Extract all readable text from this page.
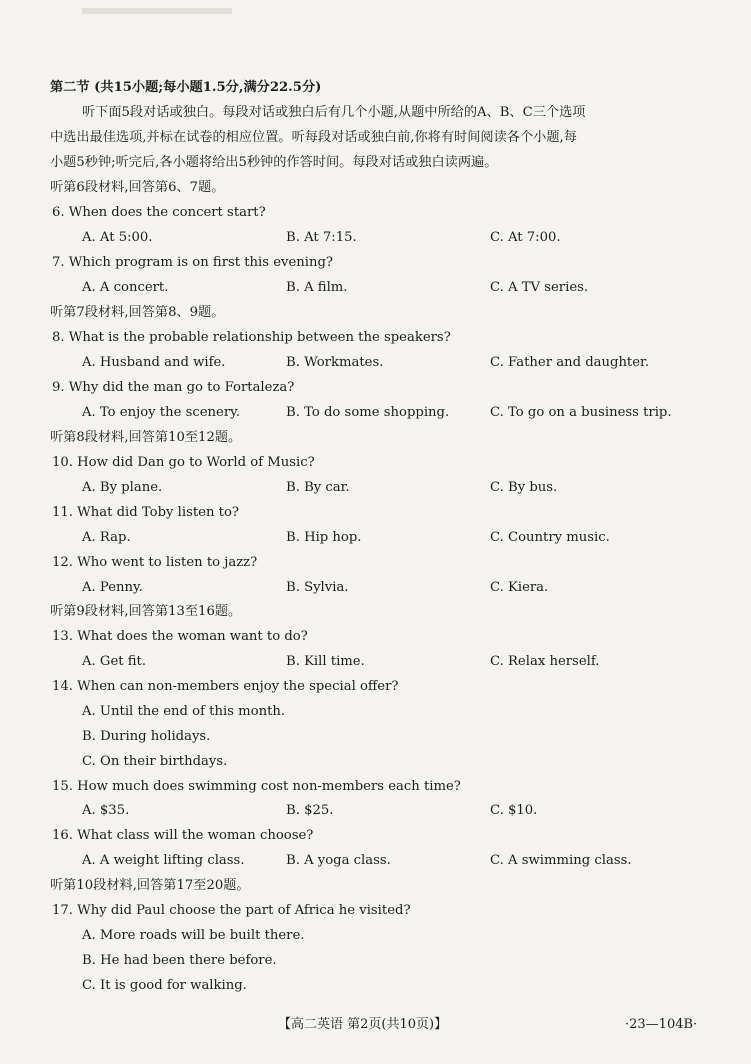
第二节 (共15小题;每小题1.5分,满分22.5分)
听下面5段对话或独白。每段对话或独白后有几个小题,从题中所给的A、B、C三个选项
中选出最佳选项,并标在试卷的相应位置。听每段对话或独白前,你将有时间阅读各个小题,每
小题5秒钟;听完后,各小题将给出5秒钟的作答时间。每段对话或独白读两遍。
听第6段材料,回答第6、7题。
6. When does the concert start?
A. At 5:00.	B. At 7:15.	C. At 7:00.
7. Which program is on first this evening?
A. A concert.	B. A film.	C. A TV series.
听第7段材料,回答第8、9题。
8. What is the probable relationship between the speakers?
A. Husband and wife.	B. Workmates.	C. Father and daughter.
9. Why did the man go to Fortaleza?
A. To enjoy the scenery.	B. To do some shopping.	C. To go on a business trip.
听第8段材料,回答第10至12题。
10. How did Dan go to World of Music?
A. By plane.	B. By car.	C. By bus.
11. What did Toby listen to?
A. Rap.	B. Hip hop.	C. Country music.
12. Who went to listen to jazz?
A. Penny.	B. Sylvia.	C. Kiera.
听第9段材料,回答第13至16题。
13. What does the woman want to do?
A. Get fit.	B. Kill time.	C. Relax herself.
14. When can non-members enjoy the special offer?
A. Until the end of this month.
B. During holidays.
C. On their birthdays.
15. How much does swimming cost non-members each time?
A. $35.	B. $25.	C. $10.
16. What class will the woman choose?
A. A weight lifting class.	B. A yoga class.	C. A swimming class.
听第10段材料,回答第17至20题。
17. Why did Paul choose the part of Africa he visited?
A. More roads will be built there.
B. He had been there before.
C. It is good for walking.
【高二英语 第2页(共10页)】	·23—104B·
